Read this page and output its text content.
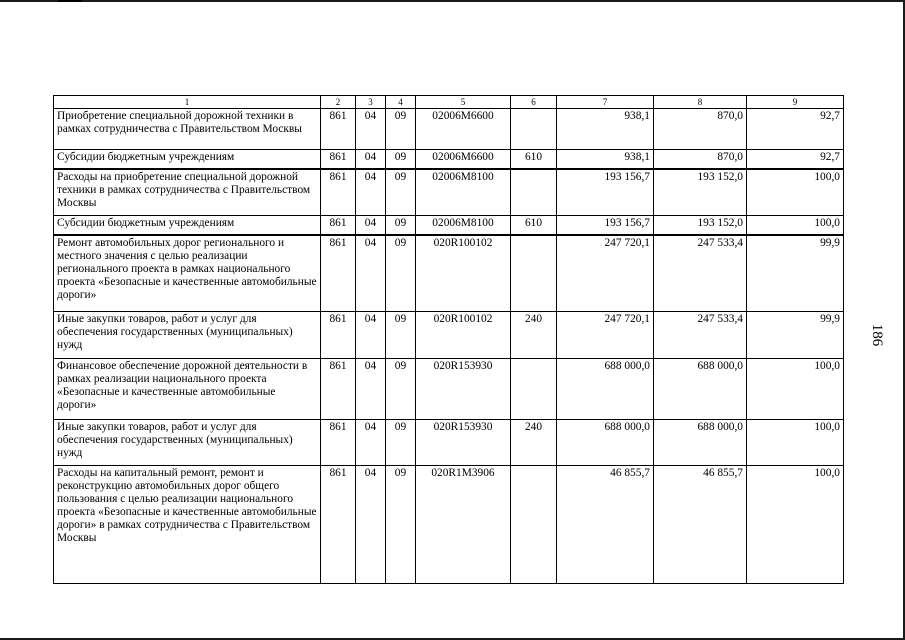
1	2	3	4	5	6	7	8	9
Приобретение специальной дорожной техники в рамках сотрудничества с Правительством Москвы	861	04	09	02006М6600		938,1	870,0	92,7
Субсидии бюджетным учреждениям	861	04	09	02006М6600	610	938,1	870,0	92,7
Расходы на приобретение специальной дорожной техники в рамках сотрудничества с Правительством Москвы	861	04	09	02006М8100		193 156,7	193 152,0	100,0
Субсидии бюджетным учреждениям	861	04	09	02006М8100	610	193 156,7	193 152,0	100,0
Ремонт автомобильных дорог регионального и местного значения с целью реализации регионального проекта в рамках национального проекта «Безопасные и качественные автомобильные дороги»	861	04	09	020R100102		247 720,1	247 533,4	99,9
Иные закупки товаров, работ и услуг для обеспечения государственных (муниципальных) нужд	861	04	09	020R100102	240	247 720,1	247 533,4	99,9
Финансовое обеспечение дорожной деятельности в рамках реализации национального проекта «Безопасные и качественные автомобильные дороги»	861	04	09	020R153930		688 000,0	688 000,0	100,0
Иные закупки товаров, работ и услуг для обеспечения государственных (муниципальных) нужд	861	04	09	020R153930	240	688 000,0	688 000,0	100,0
Расходы на капитальный ремонт, ремонт и реконструкцию автомобильных дорог общего пользования с целью реализации национального проекта «Безопасные и качественные автомобильные дороги» в рамках сотрудничества с Правительством Москвы	861	04	09	020R1М3906		46 855,7	46 855,7	100,0
186
